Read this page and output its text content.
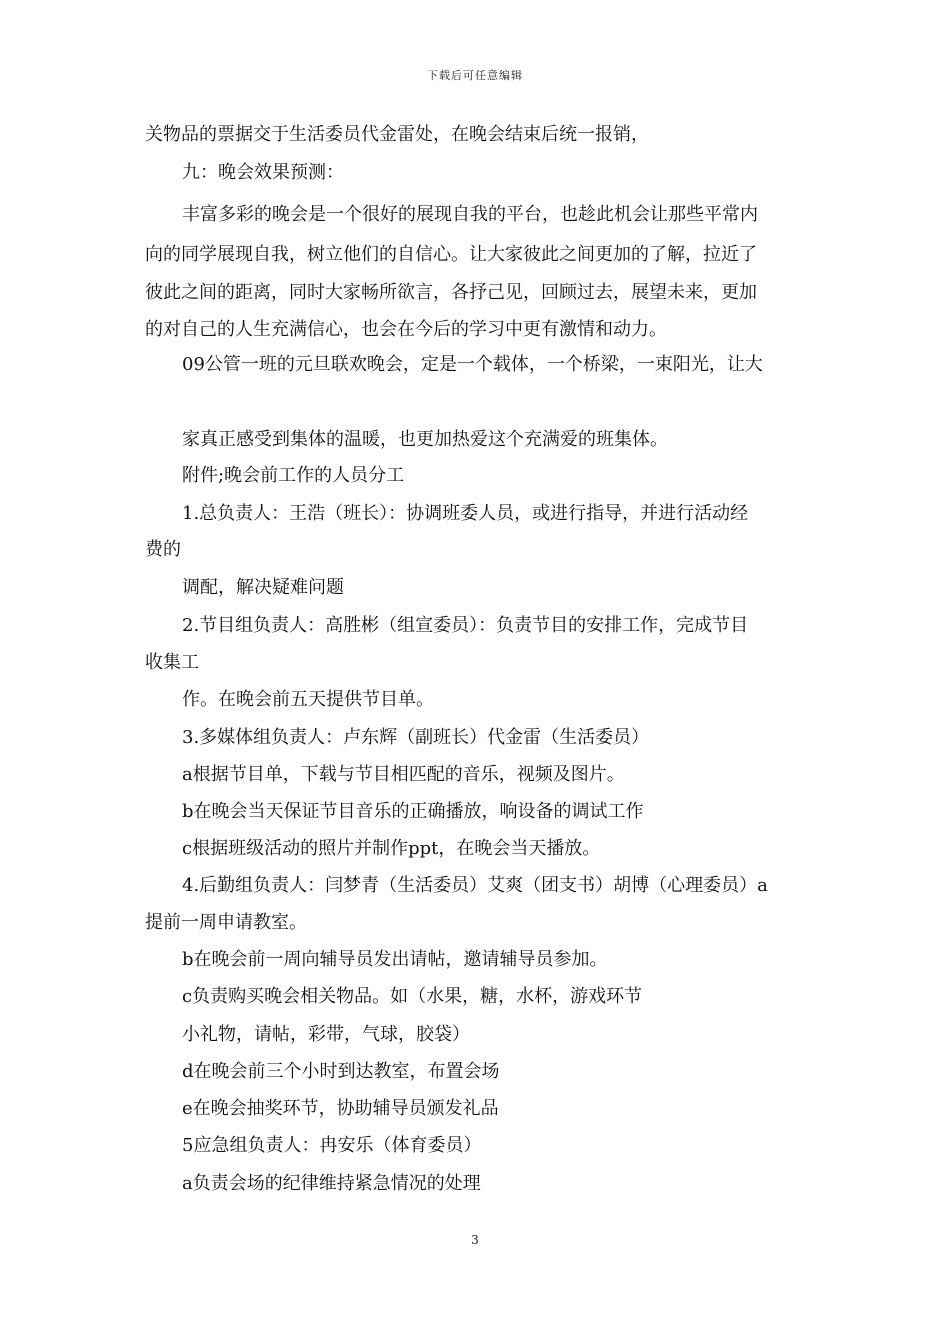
下载后可任意编辑
关物品的票据交于生活委员代金雷处，在晚会结束后统一报销，
九：晚会效果预测：
丰富多彩的晚会是一个很好的展现自我的平台，也趁此机会让那些平常内
向的同学展现自我，树立他们的自信心。让大家彼此之间更加的了解，拉近了
彼此之间的距离，同时大家畅所欲言，各抒己见，回顾过去，展望未来，更加
的对自己的人生充满信心，也会在今后的学习中更有激情和动力。
09公管一班的元旦联欢晚会，定是一个载体，一个桥梁，一束阳光，让大
家真正感受到集体的温暖，也更加热爱这个充满爱的班集体。
附件;晚会前工作的人员分工
1.总负责人：王浩（班长）：协调班委人员，或进行指导，并进行活动经
费的
调配，解决疑难问题
2.节目组负责人：高胜彬（组宣委员）：负责节目的安排工作，完成节目
收集工
作。在晚会前五天提供节目单。
3.多媒体组负责人：卢东辉（副班长）代金雷（生活委员）
a根据节目单，下载与节目相匹配的音乐，视频及图片。
b在晚会当天保证节目音乐的正确播放，响设备的调试工作
c根据班级活动的照片并制作ppt，在晚会当天播放。
4.后勤组负责人：闫梦青（生活委员）艾爽（团支书）胡博（心理委员）a
提前一周申请教室。
b在晚会前一周向辅导员发出请帖，邀请辅导员参加。
c负责购买晚会相关物品。如（水果，糖，水杯，游戏环节
小礼物，请帖，彩带，气球，胶袋）
d在晚会前三个小时到达教室，布置会场
e在晚会抽奖环节，协助辅导员颁发礼品
5应急组负责人：冉安乐（体育委员）
a负责会场的纪律维持紧急情况的处理
3
